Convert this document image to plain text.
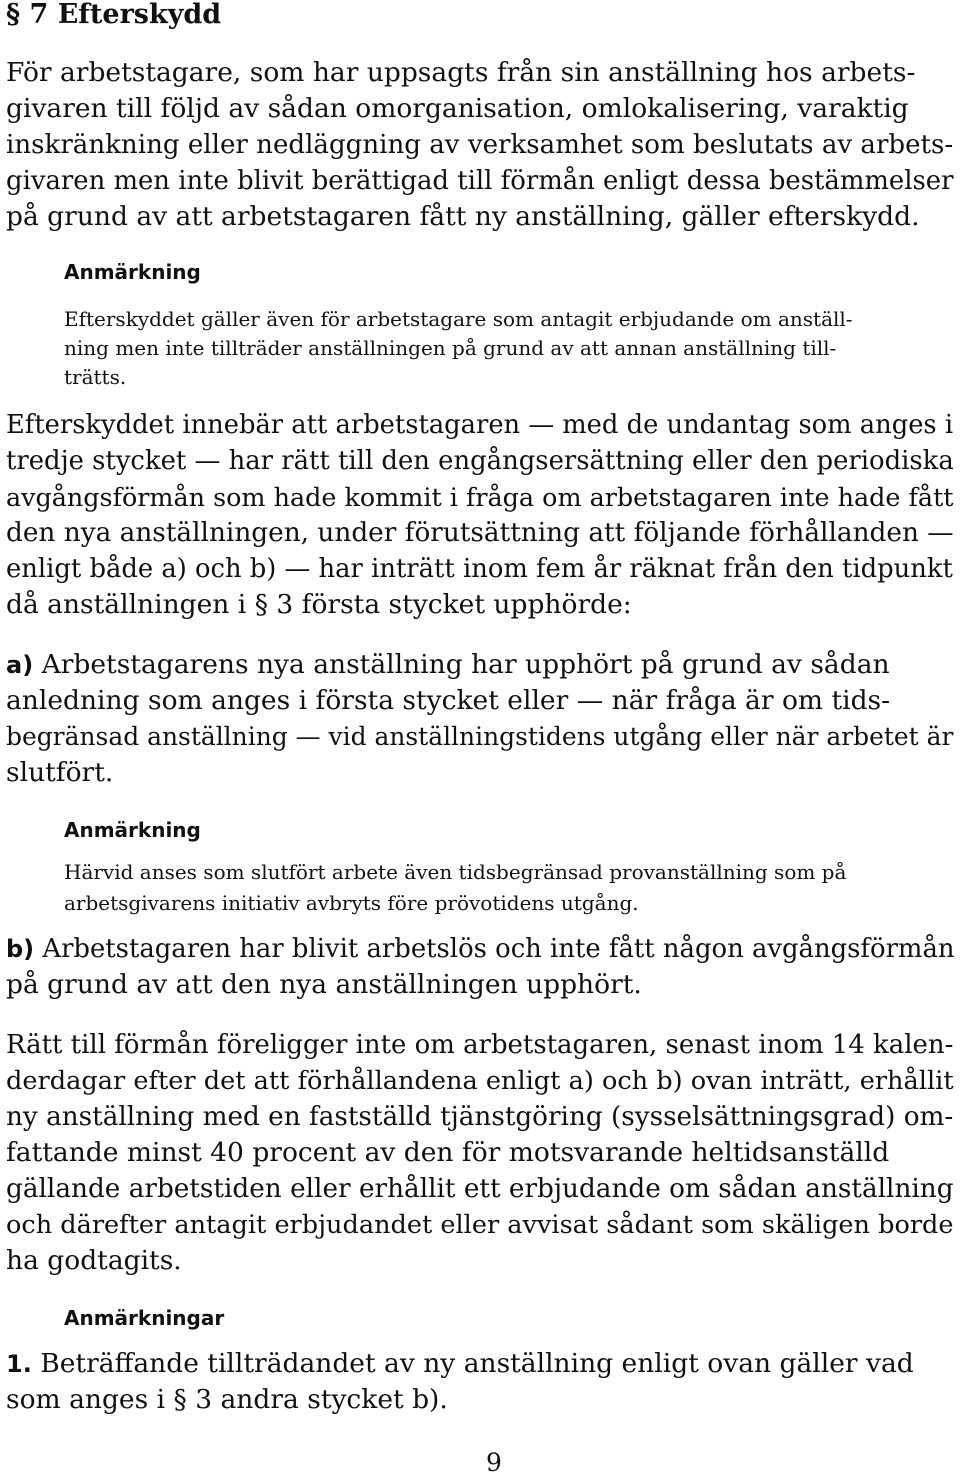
§ 7 Efterskydd
För arbetstagare, som har uppsagts från sin anställning hos arbets-
givaren till följd av sådan omorganisation, omlokalisering, varaktig
inskränkning eller nedläggning av verksamhet som beslutats av arbets-
givaren men inte blivit berättigad till förmån enligt dessa bestämmelser
på grund av att arbetstagaren fått ny anställning, gäller efterskydd.
Anmärkning
Efterskyddet gäller även för arbetstagare som antagit erbjudande om anställ-
ning men inte tillträder anställningen på grund av att annan anställning till-
trätts.
Efterskyddet innebär att arbetstagaren — med de undantag som anges i
tredje stycket — har rätt till den engångsersättning eller den periodiska
avgångsförmån som hade kommit i fråga om arbetstagaren inte hade fått
den nya anställningen, under förutsättning att följande förhållanden —
enligt både a) och b) — har inträtt inom fem år räknat från den tidpunkt
då anställningen i § 3 första stycket upphörde:
a) Arbetstagarens nya anställning har upphört på grund av sådan
anledning som anges i första stycket eller — när fråga är om tids-
begränsad anställning — vid anställningstidens utgång eller när arbetet är
slutfört.
Anmärkning
Härvid anses som slutfört arbete även tidsbegränsad provanställning som på
arbetsgivarens initiativ avbryts före prövotidens utgång.
b) Arbetstagaren har blivit arbetslös och inte fått någon avgångsförmån
på grund av att den nya anställningen upphört.
Rätt till förmån föreligger inte om arbetstagaren, senast inom 14 kalen-
derdagar efter det att förhållandena enligt a) och b) ovan inträtt, erhållit
ny anställning med en fastställd tjänstgöring (sysselsättningsgrad) om-
fattande minst 40 procent av den för motsvarande heltidsanställd
gällande arbetstiden eller erhållit ett erbjudande om sådan anställning
och därefter antagit erbjudandet eller avvisat sådant som skäligen borde
ha godtagits.
Anmärkningar
1. Beträffande tillträdandet av ny anställning enligt ovan gäller vad
som anges i § 3 andra stycket b).
9
